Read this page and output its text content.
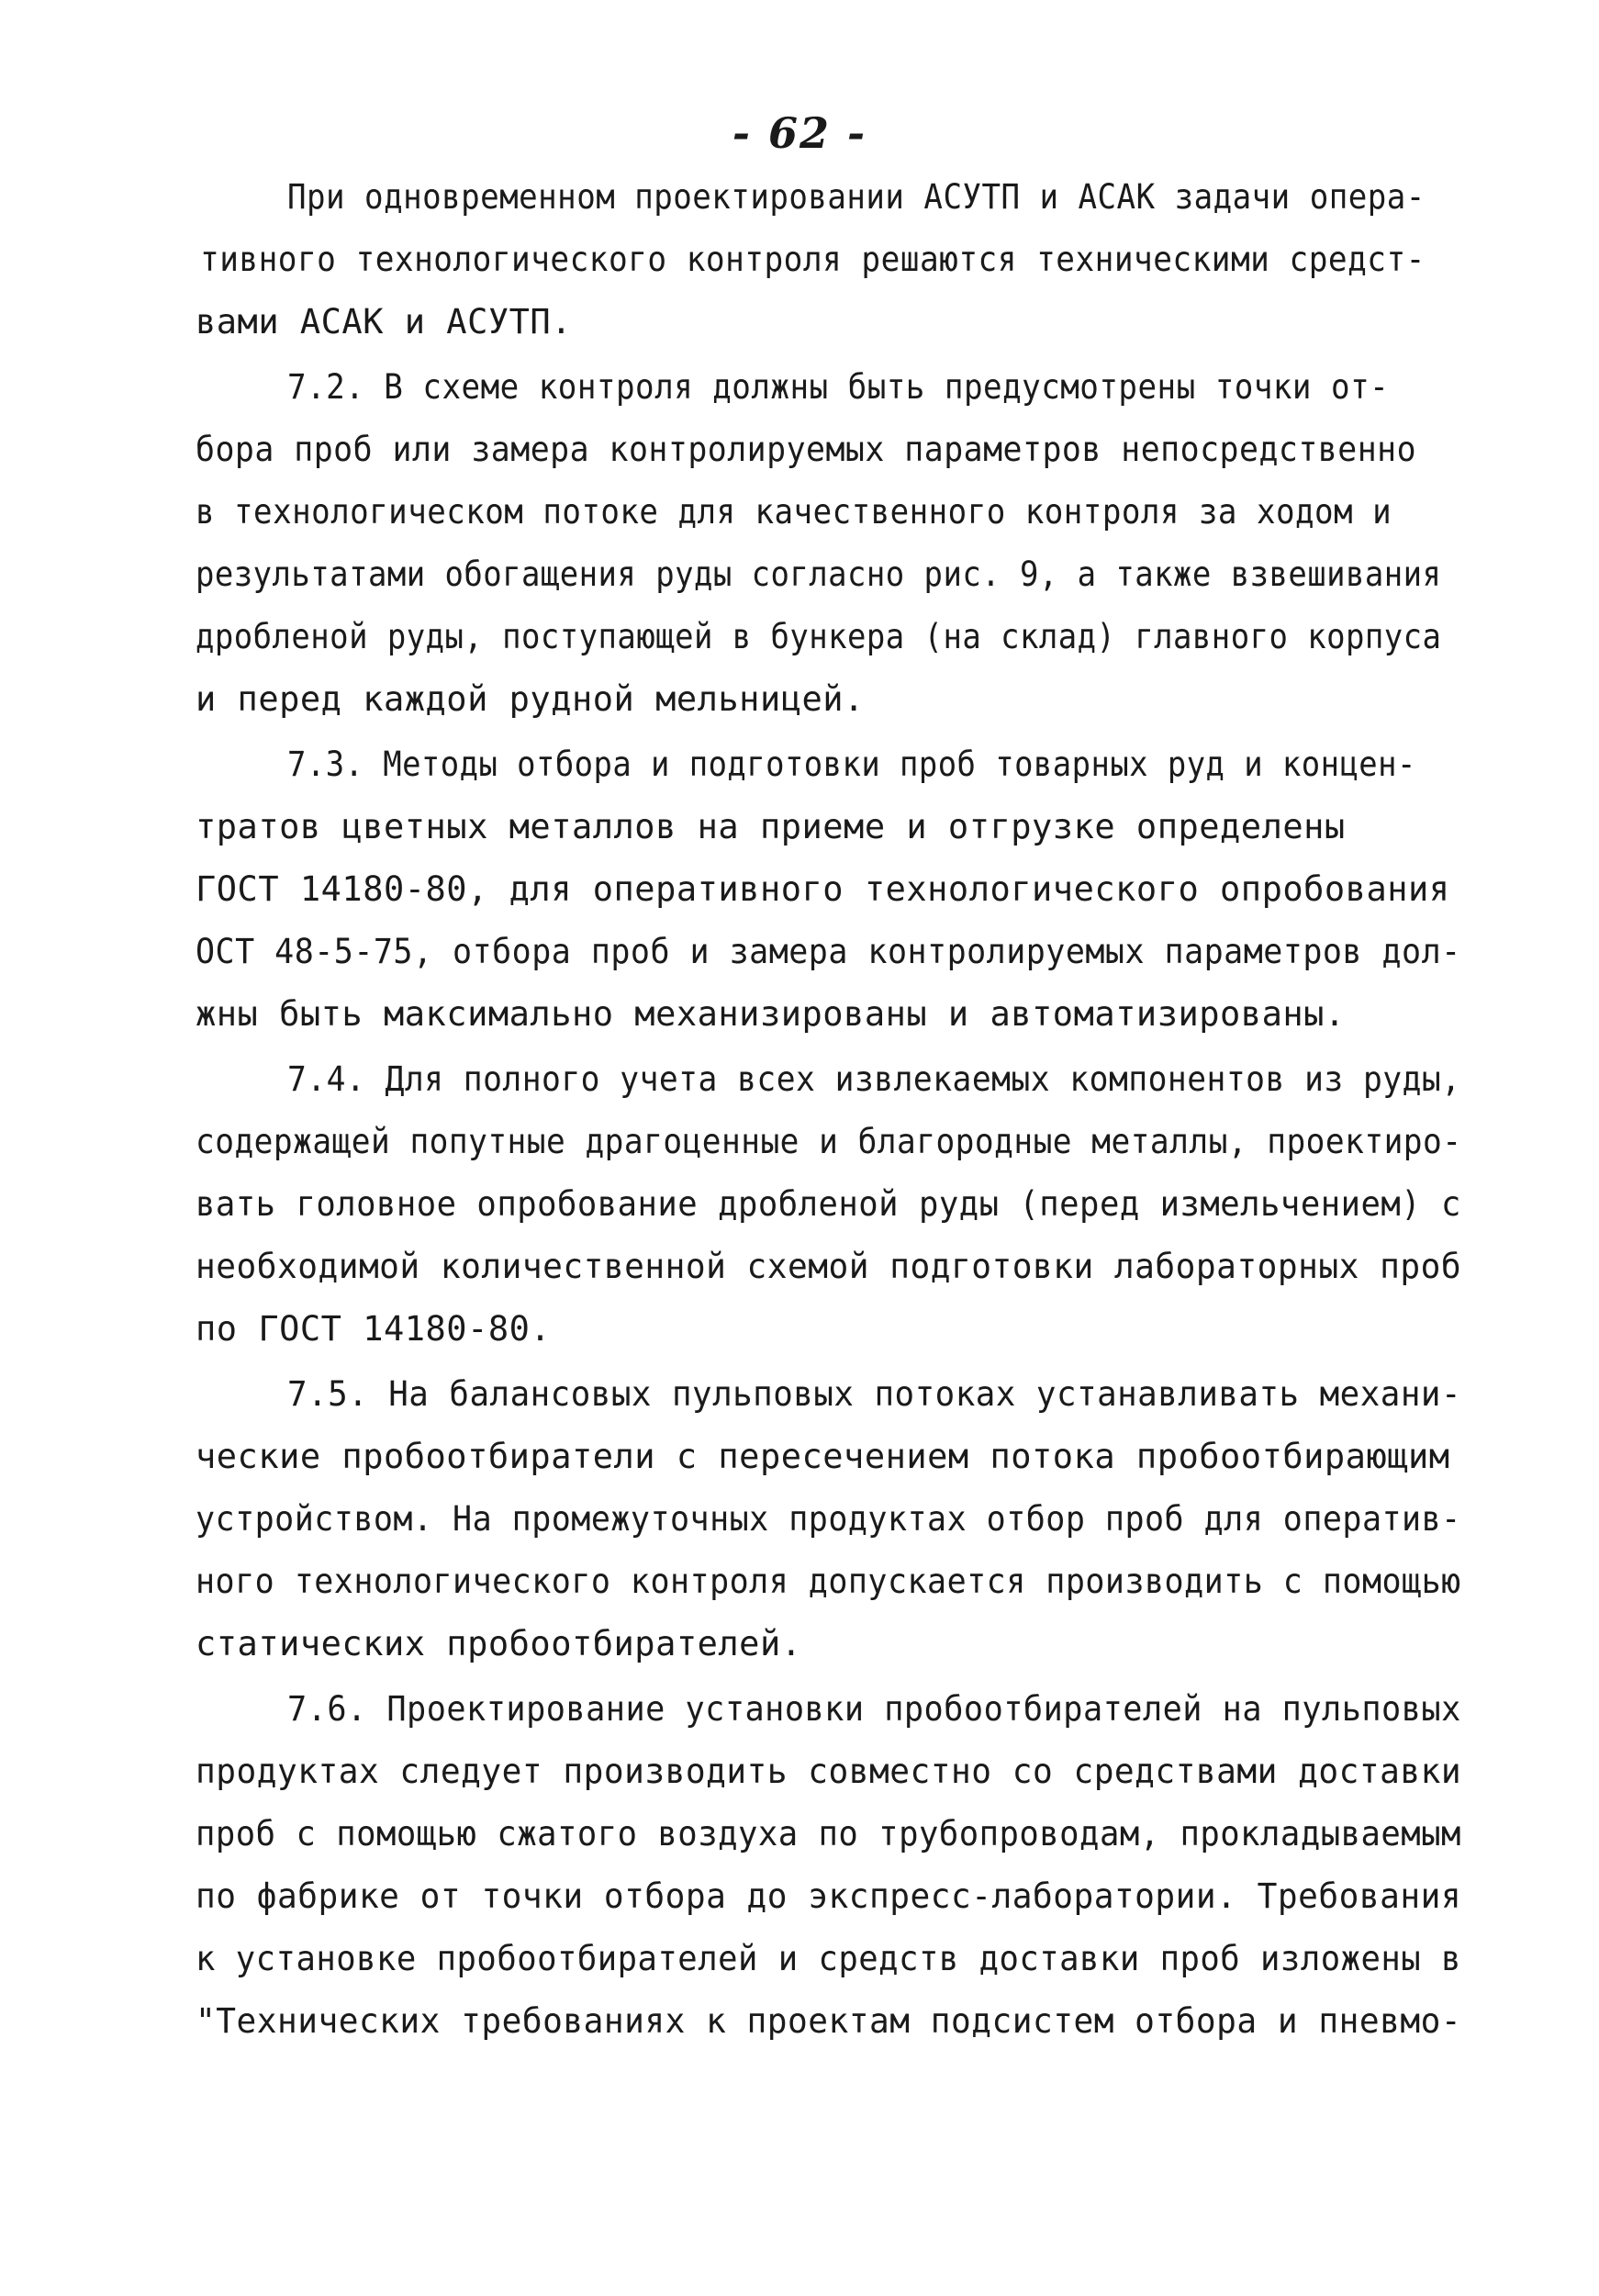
- 62 -
При одновременном проектировании АСУТП и АСАК задачи опера-
тивного технологического контроля решаются техническими средст-
вами АСАК и АСУТП.
7.2. В схеме контроля должны быть предусмотрены точки от-
бора проб или замера контролируемых параметров непосредственно
в технологическом потоке для качественного контроля за ходом и
результатами обогащения руды согласно рис. 9, а также взвешивания
дробленой руды, поступающей в бункера (на склад) главного корпуса
и перед каждой рудной мельницей.
7.3. Методы отбора и подготовки проб товарных руд и концен-
тратов цветных металлов на приеме и отгрузке определены
ГОСТ 14180-80, для оперативного технологического опробования
ОСТ 48-5-75, отбора проб и замера контролируемых параметров дол-
жны быть максимально механизированы и автоматизированы.
7.4. Для полного учета всех извлекаемых компонентов из руды,
содержащей попутные драгоценные и благородные металлы, проектиро-
вать головное опробование дробленой руды (перед измельчением) с
необходимой количественной схемой подготовки лабораторных проб
по ГОСТ 14180-80.
7.5. На балансовых пульповых потоках устанавливать механи-
ческие пробоотбиратели с пересечением потока пробоотбирающим
устройством. На промежуточных продуктах отбор проб для оператив-
ного технологического контроля допускается производить с помощью
статических пробоотбирателей.
7.6. Проектирование установки пробоотбирателей на пульповых
продуктах следует производить совместно со средствами доставки
проб с помощью сжатого воздуха по трубопроводам, прокладываемым
по фабрике от точки отбора до экспресс-лаборатории. Требования
к установке пробоотбирателей и средств доставки проб изложены в
"Технических требованиях к проектам подсистем отбора и пневмо-
